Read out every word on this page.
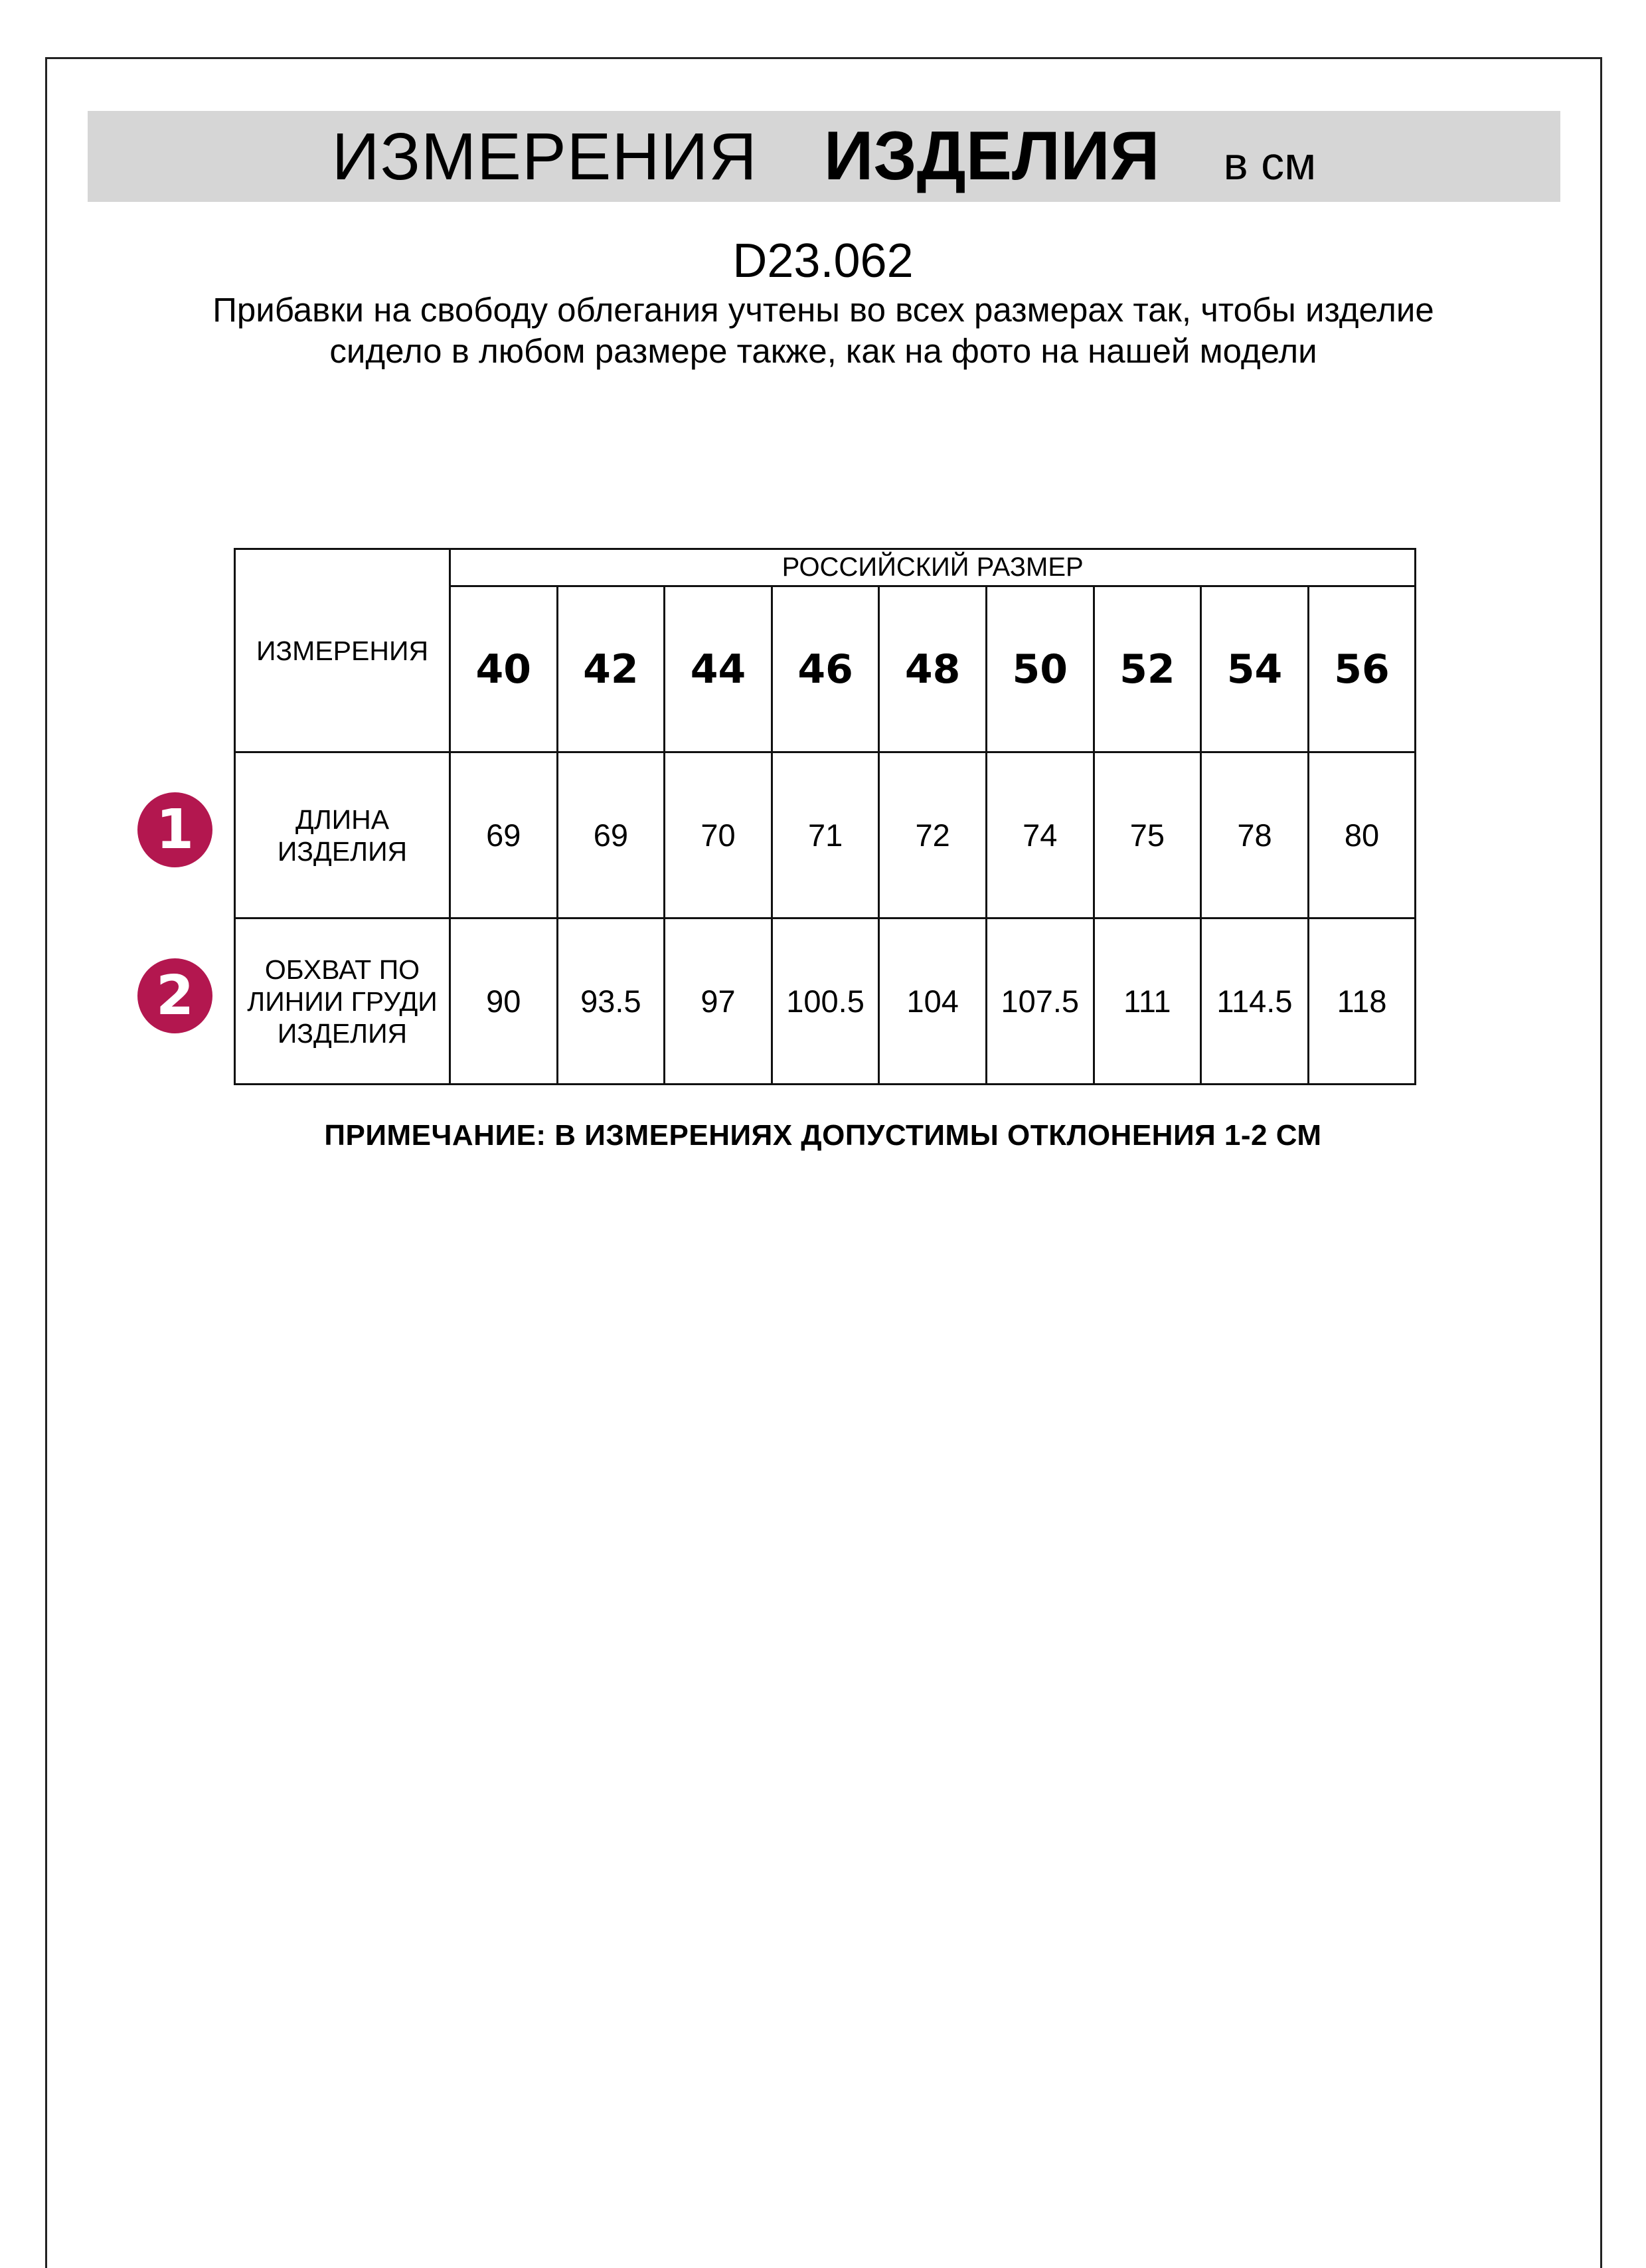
ИЗМЕРЕНИЯ ИЗДЕЛИЯ в см
D23.062
Прибавки на свободу облегания учтены во всех размерах так, чтобы изделие сидело в любом размере также, как на фото на нашей модели
ИЗМЕРЕНИЯ	РОССИЙСКИЙ РАЗМЕР								
	40	42	44	46	48	50	52	54	56
ДЛИНА ИЗДЕЛИЯ	69	69	70	71	72	74	75	78	80
ОБХВАТ ПО ЛИНИИ ГРУДИ ИЗДЕЛИЯ	90	93.5	97	100.5	104	107.5	111	114.5	118
1
2
ПРИМЕЧАНИЕ: В ИЗМЕРЕНИЯХ ДОПУСТИМЫ ОТКЛОНЕНИЯ 1-2 СМ
